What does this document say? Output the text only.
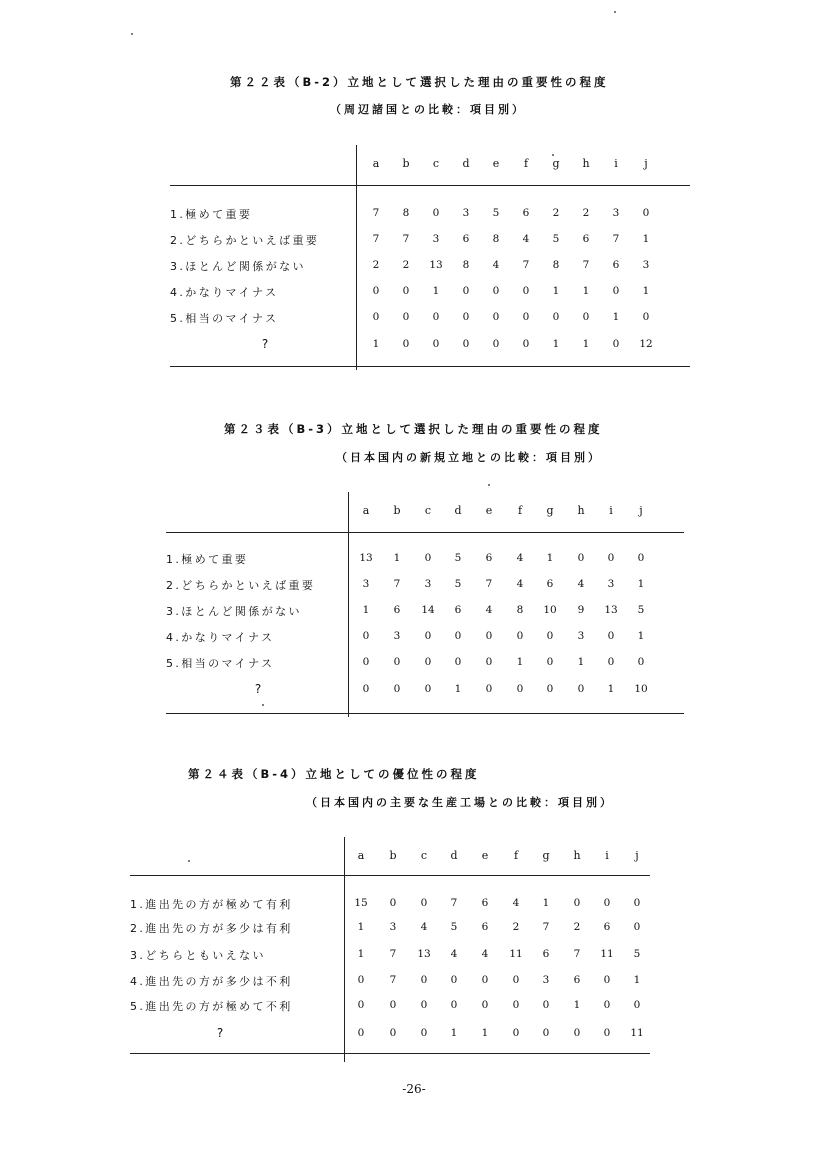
第２２表（B-2）立地として選択した理由の重要性の程度
（周辺諸国との比較：項目別）
a	b	c	d	e	f	g	h	i	j
1.極めて重要	7	8	0	3	5	6	2	2	3	0
2.どちらかといえば重要	7	7	3	6	8	4	5	6	7	1
3.ほとんど関係がない	2	2	13	8	4	7	8	7	6	3
4.かなりマイナス	0	0	1	0	0	0	1	1	0	1
5.相当のマイナス	0	0	0	0	0	0	0	0	1	0
?	1	0	0	0	0	0	1	1	0	12
第２３表（B-3）立地として選択した理由の重要性の程度
（日本国内の新規立地との比較：項目別）
a	b	c	d	e	f	g	h	i	j
1.極めて重要	13	1	0	5	6	4	1	0	0	0
2.どちらかといえば重要	3	7	3	5	7	4	6	4	3	1
3.ほとんど関係がない	1	6	14	6	4	8	10	9	13	5
4.かなりマイナス	0	3	0	0	0	0	0	3	0	1
5.相当のマイナス	0	0	0	0	0	1	0	1	0	0
?	0	0	0	1	0	0	0	0	1	10
第２４表（B-4）立地としての優位性の程度
（日本国内の主要な生産工場との比較：項目別）
a	b	c	d	e	f	g	h	i	j
1.進出先の方が極めて有利	15	0	0	7	6	4	1	0	0	0
2.進出先の方が多少は有利	1	3	4	5	6	2	7	2	6	0
3.どちらともいえない	1	7	13	4	4	11	6	7	11	5
4.進出先の方が多少は不利	0	7	0	0	0	0	3	6	0	1
5.進出先の方が極めて不利	0	0	0	0	0	0	0	1	0	0
?	0	0	0	1	1	0	0	0	0	11
-26-
